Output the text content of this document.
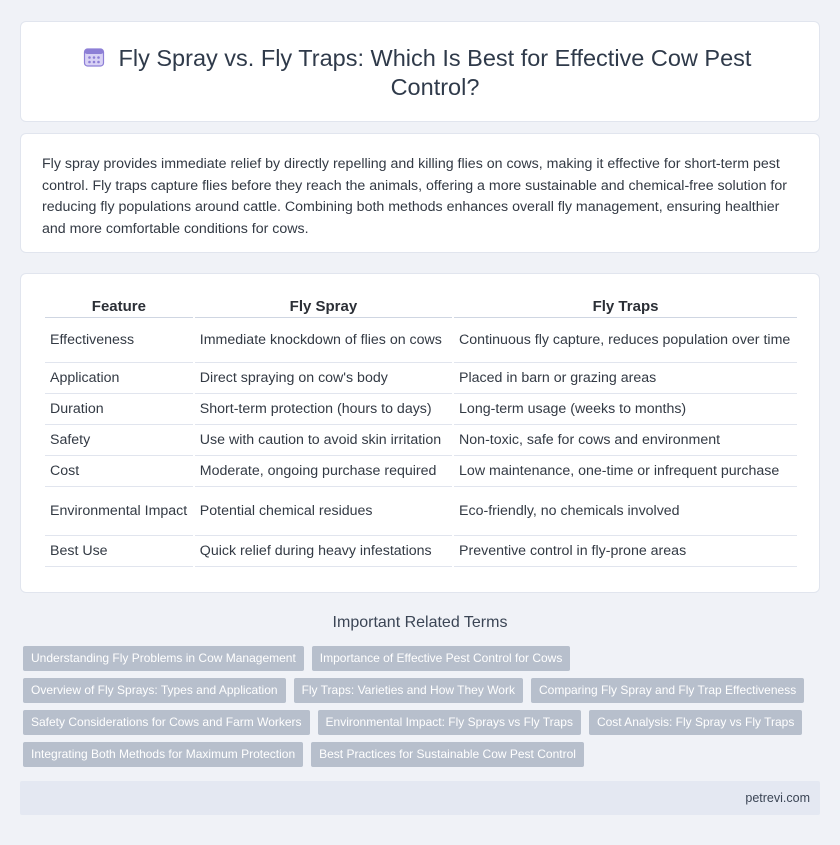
Fly Spray vs. Fly Traps: Which Is Best for Effective Cow Pest Control?

Fly spray provides immediate relief by directly repelling and killing flies on cows, making it effective for short-term pest control. Fly traps capture flies before they reach the animals, offering a more sustainable and chemical-free solution for reducing fly populations around cattle. Combining both methods enhances overall fly management, ensuring healthier and more comfortable conditions for cows.

Feature	Fly Spray	Fly Traps
Effectiveness	Immediate knockdown of flies on cows	Continuous fly capture, reduces population over time
Application	Direct spraying on cow's body	Placed in barn or grazing areas
Duration	Short-term protection (hours to days)	Long-term usage (weeks to months)
Safety	Use with caution to avoid skin irritation	Non-toxic, safe for cows and environment
Cost	Moderate, ongoing purchase required	Low maintenance, one-time or infrequent purchase
Environmental Impact	Potential chemical residues	Eco-friendly, no chemicals involved
Best Use	Quick relief during heavy infestations	Preventive control in fly-prone areas
Important Related Terms
Understanding Fly Problems in Cow Management	Importance of Effective Pest Control for Cows
Overview of Fly Sprays: Types and Application	Fly Traps: Varieties and How They Work	Comparing Fly Spray and Fly Trap Effectiveness
Safety Considerations for Cows and Farm Workers	Environmental Impact: Fly Sprays vs Fly Traps	Cost Analysis: Fly Spray vs Fly Traps
Integrating Both Methods for Maximum Protection	Best Practices for Sustainable Cow Pest Control
petrevi.com
